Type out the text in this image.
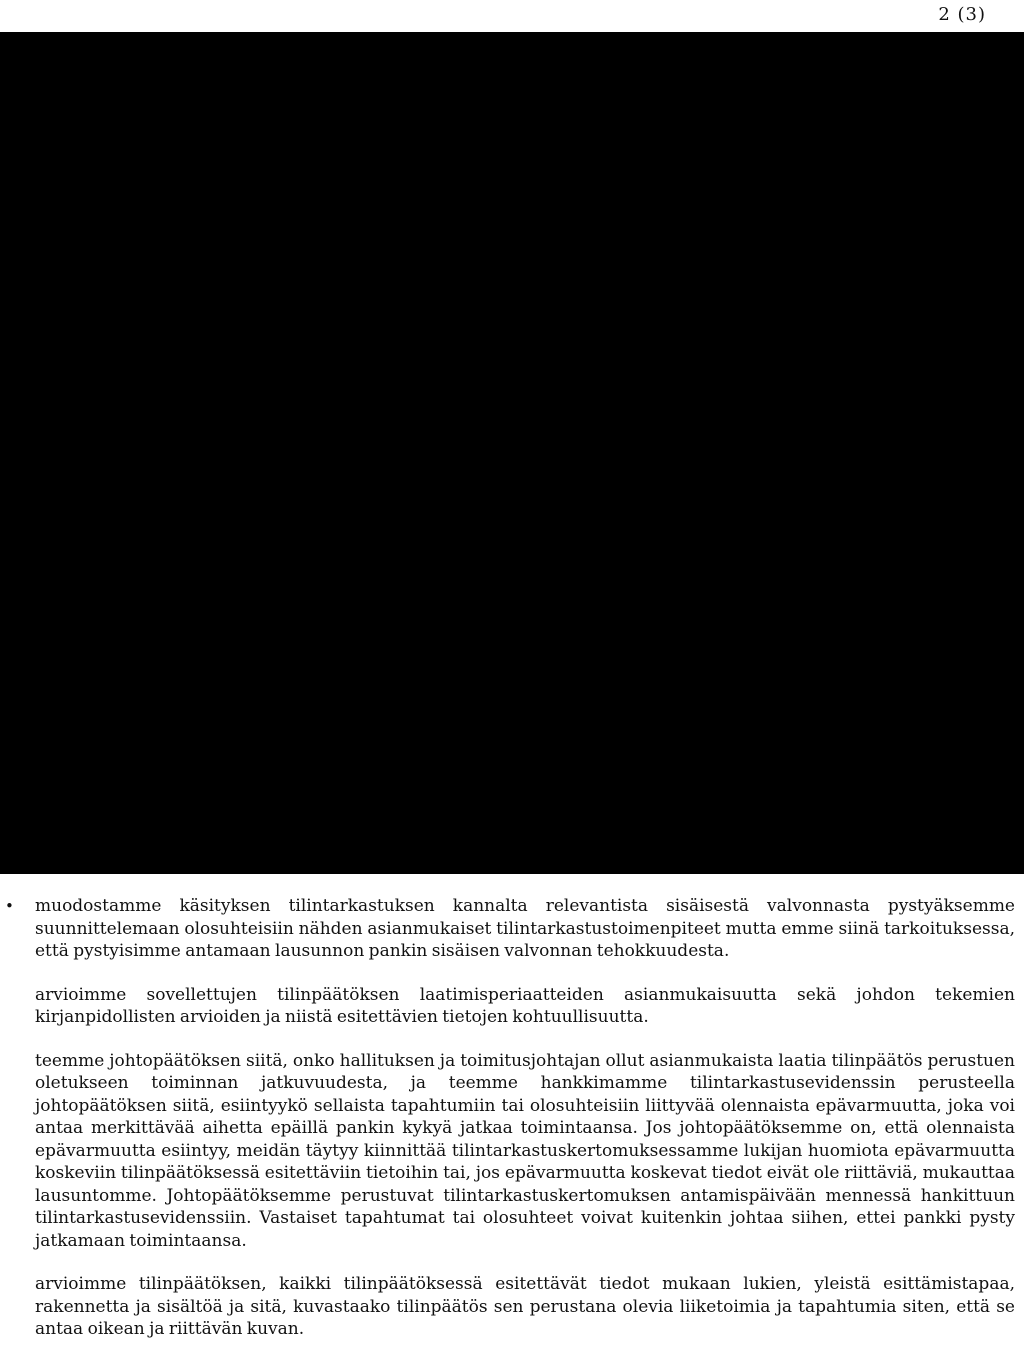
2 (3)

• muodostamme käsityksen tilintarkastuksen kannalta relevantista sisäisestä valvonnasta pystyäksemme suunnittelemaan olosuhteisiin nähden asianmukaiset tilintarkastustoimenpiteet mutta emme siinä tarkoituksessa, että pystyisimme antamaan lausunnon pankin sisäisen valvonnan tehokkuudesta.

arvioimme sovellettujen tilinpäätöksen laatimisperiaatteiden asianmukaisuutta sekä johdon tekemien kirjanpidollisten arvioiden ja niistä esitettävien tietojen kohtuullisuutta.

teemme johtopäätöksen siitä, onko hallituksen ja toimitusjohtajan ollut asianmukaista laatia tilinpäätös perustuen oletukseen toiminnan jatkuvuudesta, ja teemme hankkimamme tilintarkastusevidenssin perusteella johtopäätöksen siitä, esiintyykö sellaista tapahtumiin tai olosuhteisiin liittyvää olennaista epävarmuutta, joka voi antaa merkittävää aihetta epäillä pankin kykyä jatkaa toimintaansa. Jos johtopäätöksemme on, että olennaista epävarmuutta esiintyy, meidän täytyy kiinnittää tilintarkastuskertomuksessamme lukijan huomiota epävarmuutta koskeviin tilinpäätöksessä esitettäviin tietoihin tai, jos epävarmuutta koskevat tiedot eivät ole riittäviä, mukauttaa lausuntomme. Johtopäätöksemme perustuvat tilintarkastuskertomuksen antamispäivään mennessä hankittuun tilintarkastusevidenssiin. Vastaiset tapahtumat tai olosuhteet voivat kuitenkin johtaa siihen, ettei pankki pysty jatkamaan toimintaansa.

arvioimme tilinpäätöksen, kaikki tilinpäätöksessä esitettävät tiedot mukaan lukien, yleistä esittämistapaa, rakennetta ja sisältöä ja sitä, kuvastaako tilinpäätös sen perustana olevia liiketoimia ja tapahtumia siten, että se antaa oikean ja riittävän kuvan.
